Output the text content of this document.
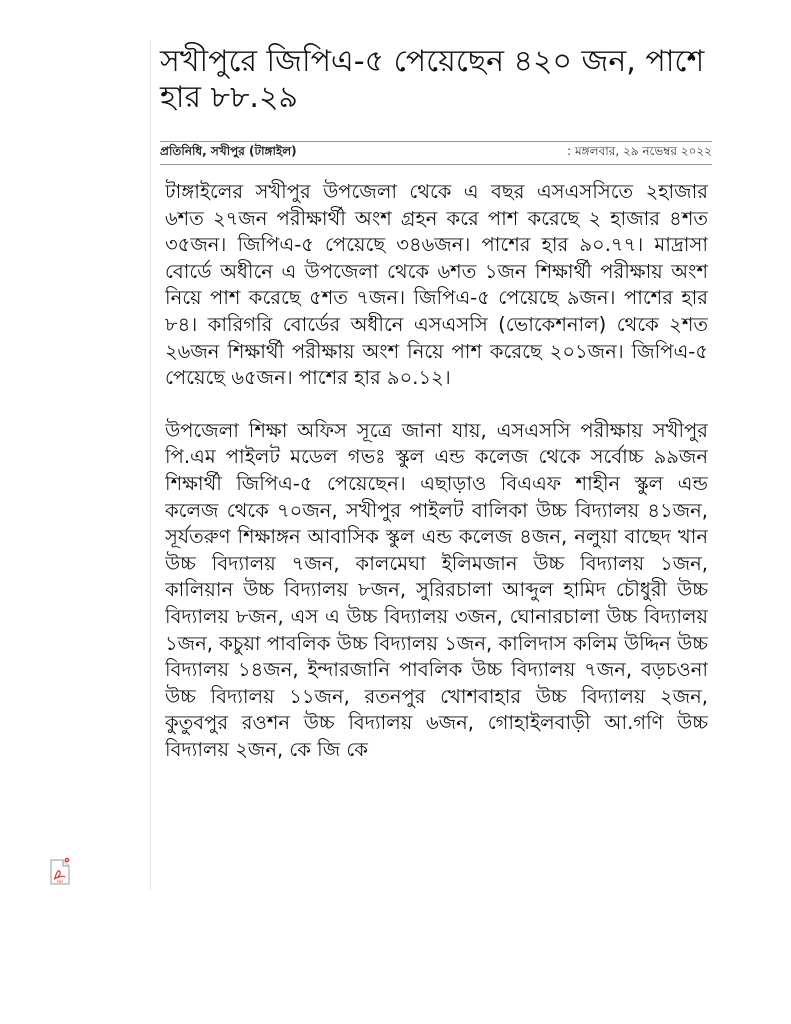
সখীপুরে জিপিএ-৫ পেয়েছেন ৪২০ জন, পাশে হার ৮৮.২৯
প্রতিনিধি, সখীপুর (টাঙ্গাইল)	: মঙ্গলবার, ২৯ নভেম্বর ২০২২

টাঙ্গাইলের সখীপুর উপজেলা থেকে এ বছর এসএসসিতে ২হাজার ৬শত ২৭জন পরীক্ষার্থী অংশ গ্রহন করে পাশ করেছে ২ হাজার ৪শত ৩৫জন। জিপিএ-৫ পেয়েছে ৩৪৬জন। পাশের হার ৯০.৭৭। মাদ্রাসা বোর্ডে অধীনে এ উপজেলা থেকে ৬শত ১জন শিক্ষার্থী পরীক্ষায় অংশ নিয়ে পাশ করেছে ৫শত ৭জন। জিপিএ-৫ পেয়েছে ৯জন। পাশের হার ৮৪। কারিগরি বোর্ডের অধীনে এসএসসি (ভোকেশনাল) থেকে ২শত ২৬জন শিক্ষার্থী পরীক্ষায় অংশ নিয়ে পাশ করেছে ২০১জন। জিপিএ-৫ পেয়েছে ৬৫জন। পাশের হার ৯০.১২।

উপজেলা শিক্ষা অফিস সূত্রে জানা যায়, এসএসসি পরীক্ষায় সখীপুর পি.এম পাইলট মডেল গভঃ স্কুল এন্ড কলেজ থেকে সর্বোচ্চ ৯৯জন শিক্ষার্থী জিপিএ-৫ পেয়েছেন। এছাড়াও বিএএফ শাহীন স্কুল এন্ড কলেজ থেকে ৭০জন, সখীপুর পাইলট বালিকা উচ্চ বিদ্যালয় ৪১জন, সূর্যতরুণ শিক্ষাঙ্গন আবাসিক স্কুল এন্ড কলেজ ৪জন, নলুয়া বাছেদ খান উচ্চ বিদ্যালয় ৭জন, কালমেঘা ইলিমজান উচ্চ বিদ্যালয় ১জন, কালিয়ান উচ্চ বিদ্যালয় ৮জন, সুরিরচালা আব্দুল হামিদ চৌধুরী উচ্চ বিদ্যালয় ৮জন, এস এ উচ্চ বিদ্যালয় ৩জন, ঘোনারচালা উচ্চ বিদ্যালয় ১জন, কচুয়া পাবলিক উচ্চ বিদ্যালয় ১জন, কালিদাস কলিম উদ্দিন উচ্চ বিদ্যালয় ১৪জন, ইন্দারজানি পাবলিক উচ্চ বিদ্যালয় ৭জন, বড়চওনা উচ্চ বিদ্যালয় ১১জন, রতনপুর খোশবাহার উচ্চ বিদ্যালয় ২জন, কুতুবপুর রওশন উচ্চ বিদ্যালয় ৬জন, গোহাইলবাড়ী আ.গণি উচ্চ বিদ্যালয় ২জন, কে জি কে

PDF
